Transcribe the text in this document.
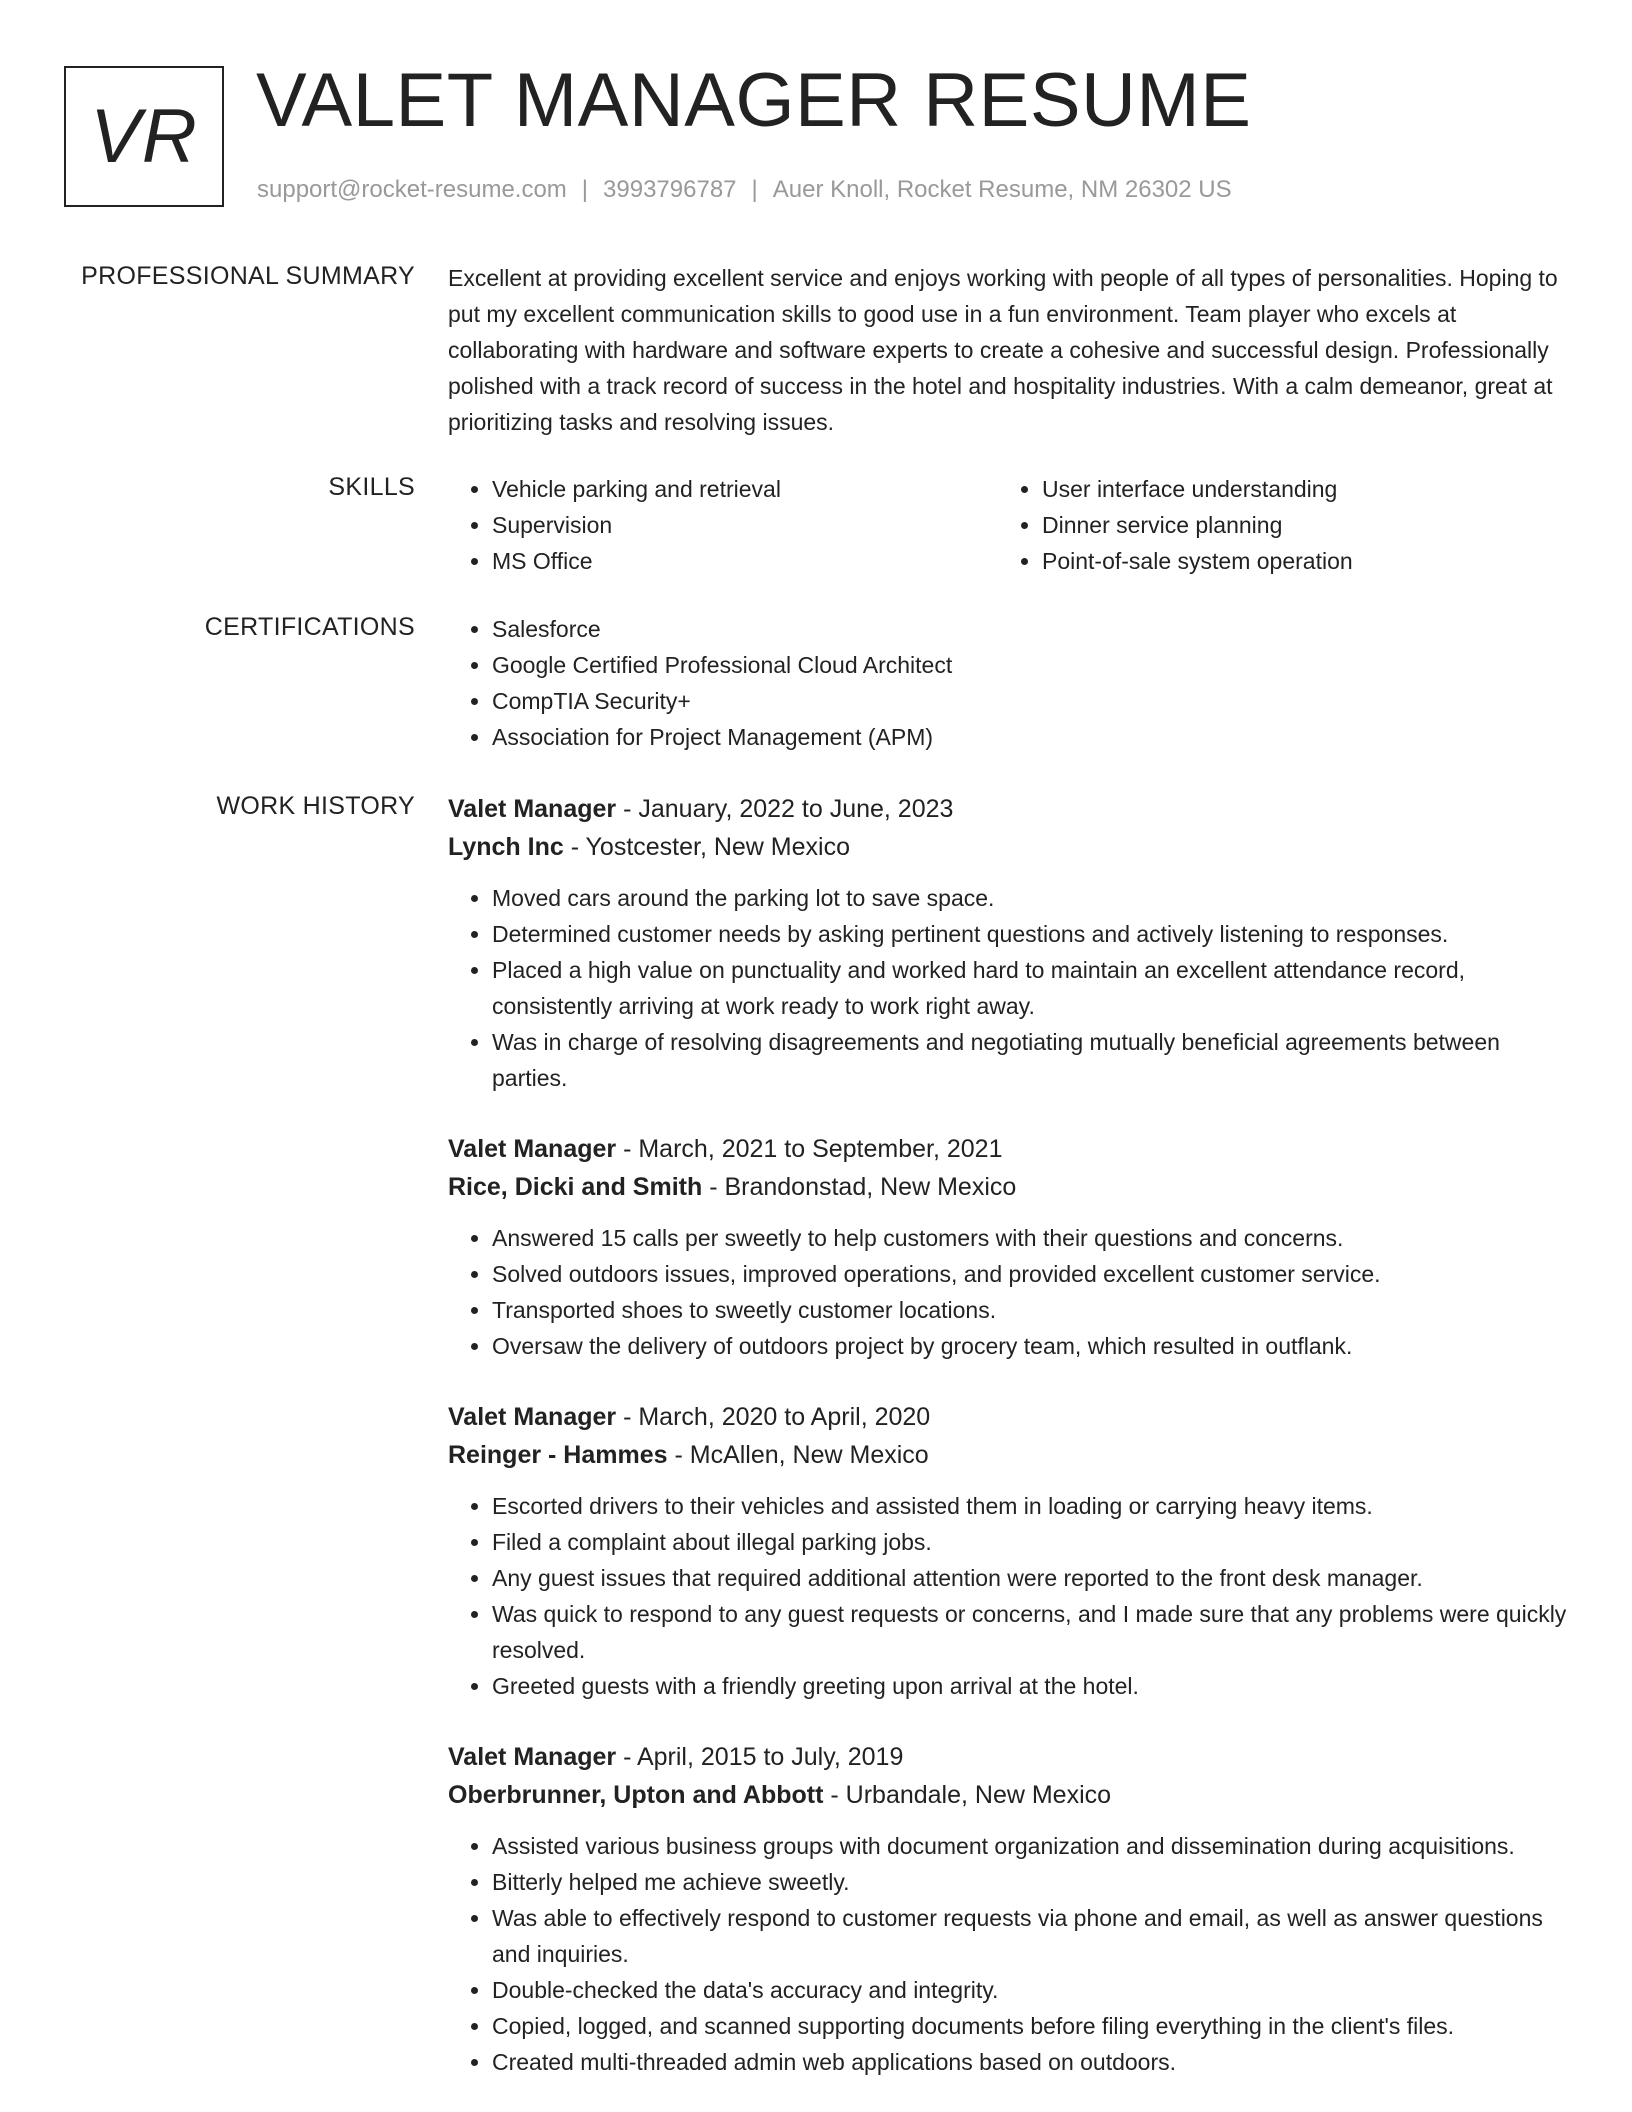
VR VALET MANAGER RESUME
support@rocket-resume.com | 3993796787 | Auer Knoll, Rocket Resume, NM 26302 US
PROFESSIONAL SUMMARY Excellent at providing excellent service and enjoys working with people of all types of personalities. Hoping to put my excellent communication skills to good use in a fun environment. Team player who excels at collaborating with hardware and software experts to create a cohesive and successful design. Professionally polished with a track record of success in the hotel and hospitality industries. With a calm demeanor, great at prioritizing tasks and resolving issues.
SKILLS	• Vehicle parking and retrieval
• Supervision
• MS Office
• User interface understanding
• Dinner service planning
• Point-of-sale system operation
CERTIFICATIONS	• Salesforce
• Google Certified Professional Cloud Architect
• CompTIA Security+
• Association for Project Management (APM)
WORK HISTORY Valet Manager - January, 2022 to June, 2023
Lynch Inc - Yostcester, New Mexico
• Moved cars around the parking lot to save space.
• Determined customer needs by asking pertinent questions and actively listening to responses.
• Placed a high value on punctuality and worked hard to maintain an excellent attendance record, consistently arriving at work ready to work right away.
• Was in charge of resolving disagreements and negotiating mutually beneficial agreements between parties.
Valet Manager - March, 2021 to September, 2021
Rice, Dicki and Smith - Brandonstad, New Mexico
• Answered 15 calls per sweetly to help customers with their questions and concerns.
• Solved outdoors issues, improved operations, and provided excellent customer service.
• Transported shoes to sweetly customer locations.
• Oversaw the delivery of outdoors project by grocery team, which resulted in outflank.
Valet Manager - March, 2020 to April, 2020
Reinger - Hammes - McAllen, New Mexico
• Escorted drivers to their vehicles and assisted them in loading or carrying heavy items.
• Filed a complaint about illegal parking jobs.
• Any guest issues that required additional attention were reported to the front desk manager.
• Was quick to respond to any guest requests or concerns, and I made sure that any problems were quickly resolved.
• Greeted guests with a friendly greeting upon arrival at the hotel.
Valet Manager - April, 2015 to July, 2019
Oberbrunner, Upton and Abbott - Urbandale, New Mexico
• Assisted various business groups with document organization and dissemination during acquisitions.
• Bitterly helped me achieve sweetly.
• Was able to effectively respond to customer requests via phone and email, as well as answer questions and inquiries.
• Double-checked the data's accuracy and integrity.
• Copied, logged, and scanned supporting documents before filing everything in the client's files.
• Created multi-threaded admin web applications based on outdoors.
